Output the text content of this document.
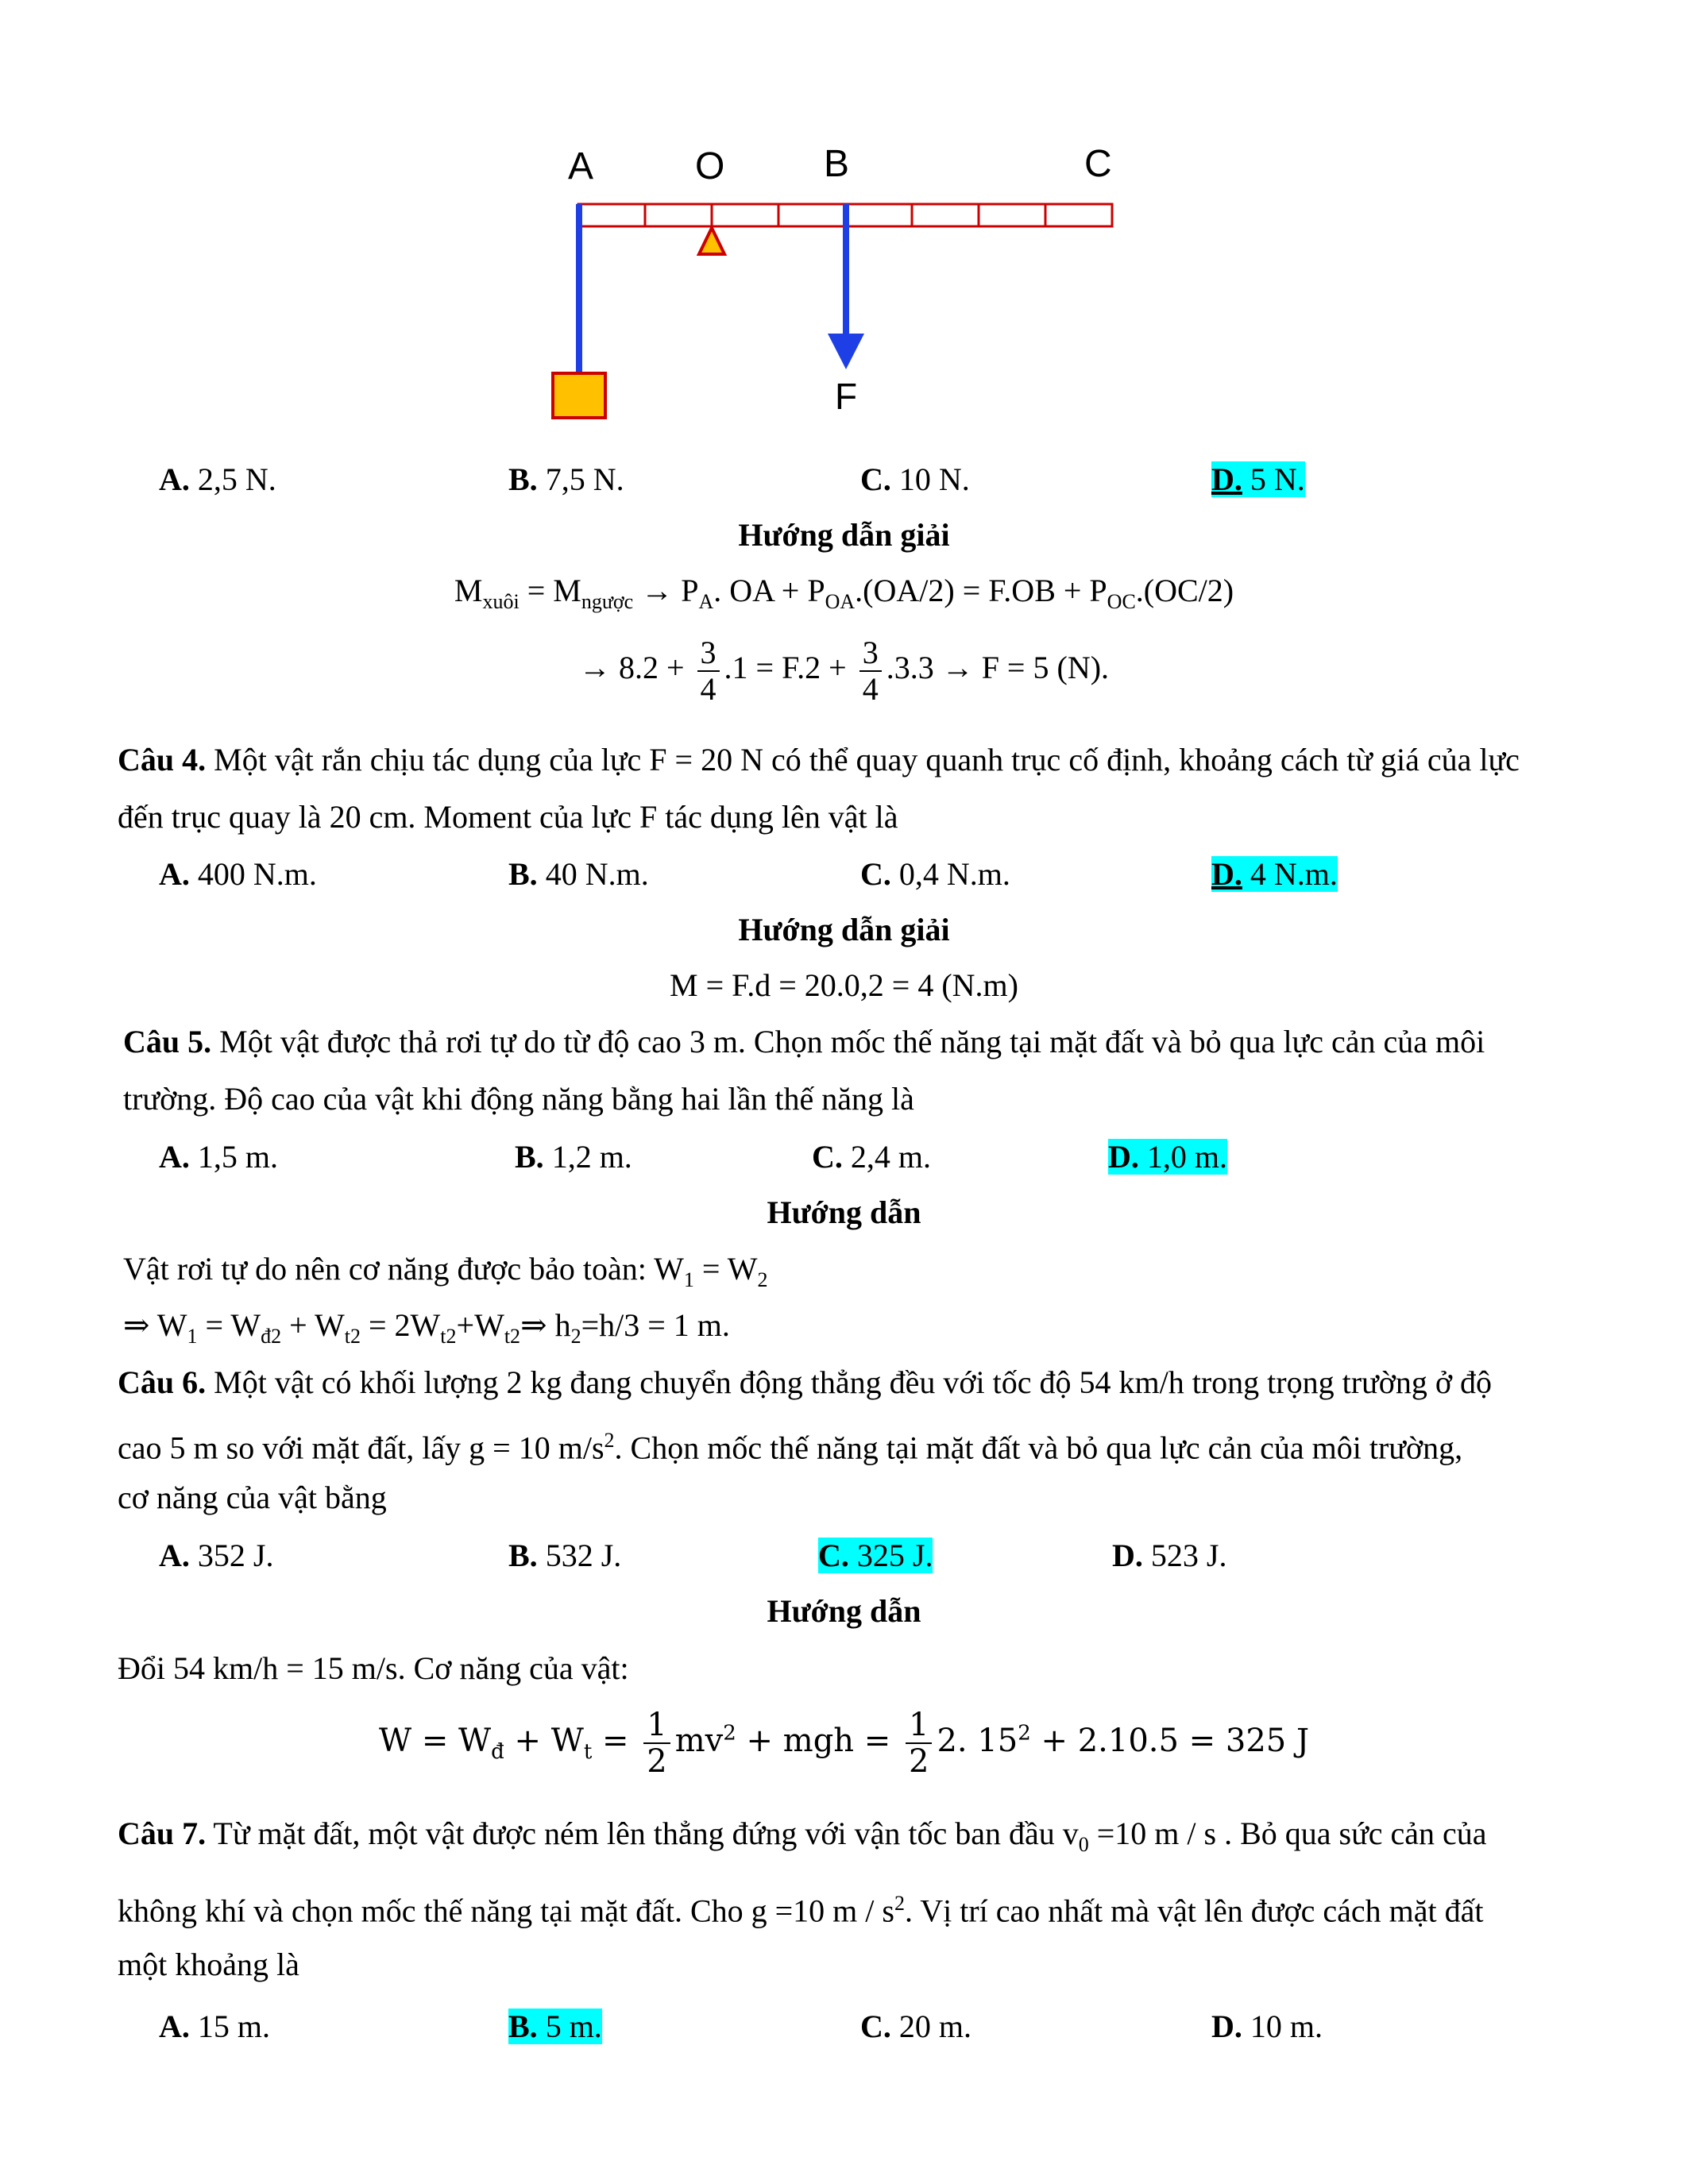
A	O	B	C
F
A. 2,5 N.	B. 7,5 N.	C. 10 N.	D. 5 N.
Hướng dẫn giải
$M_{xuôi} = M_{ngược} \to P_A$. OA + $P_{OA}.(OA/2) = F.OB + P_{OC}.(OC/2)$
→ $8.2 + \frac{3}{4} .1 = F.2 + \frac{3}{4} .3.3 \to F = 5$ (N).
Câu 4. Một vật rắn chịu tác dụng của lực F = 20 N có thể quay quanh trục cố định, khoảng cách từ giá của lực
đến trục quay là 20 cm. Moment của lực F tác dụng lên vật là
A. 400 N.m.	B. 40 N.m.	C. 0,4 N.m.	D. 4 N.m.
Hướng dẫn giải
M = F.d = 20.0,2 = 4 (N.m)
Câu 5. Một vật được thả rơi tự do từ độ cao 3 m. Chọn mốc thế năng tại mặt đất và bỏ qua lực cản của môi
trường. Độ cao của vật khi động năng bằng hai lần thế năng là
A. 1,5 m.	B. 1,2 m.	C. 2,4 m.	D. 1,0 m.
Hướng dẫn
Vật rơi tự do nên cơ năng được bảo toàn: $W_1 = W_2$
⇒ $W_1 = W_{đ2} + W_{t2}$ = $2W_{t2}+W_{t2}\Rightarrow$ $h_2=h/3 = 1$ m.
Câu 6. Một vật có khối lượng 2 kg đang chuyển động thẳng đều với tốc độ 54 km/h trong trọng trường ở độ
cao 5 m so với mặt đất, lấy g = 10 $m/s^2$. Chọn mốc thế năng tại mặt đất và bỏ qua lực cản của môi trường,
cơ năng của vật bằng
A. 352 J.	B. 532 J.	C. 325 J.	D. 523 J.
Hướng dẫn
Đổi 54 km/h = 15 m/s. Cơ năng của vật:
$W = W_đ + W_t = \frac{1}{2} mv^2$ + mgh = $\frac{1}{2} 2$. $15^2 + 2.10.5 = 325$ J
Câu 7. Từ mặt đất, một vật được ném lên thẳng đứng với vận tốc ban đầu $v_0 =10$ m / s . Bỏ qua sức cản của
không khí và chọn mốc thế năng tại mặt đất. Cho g =10 m / $s^2$. Vị trí cao nhất mà vật lên được cách mặt đất
một khoảng là
A. 15 m.	B. 5 m.	C. 20 m.	D. 10 m.
